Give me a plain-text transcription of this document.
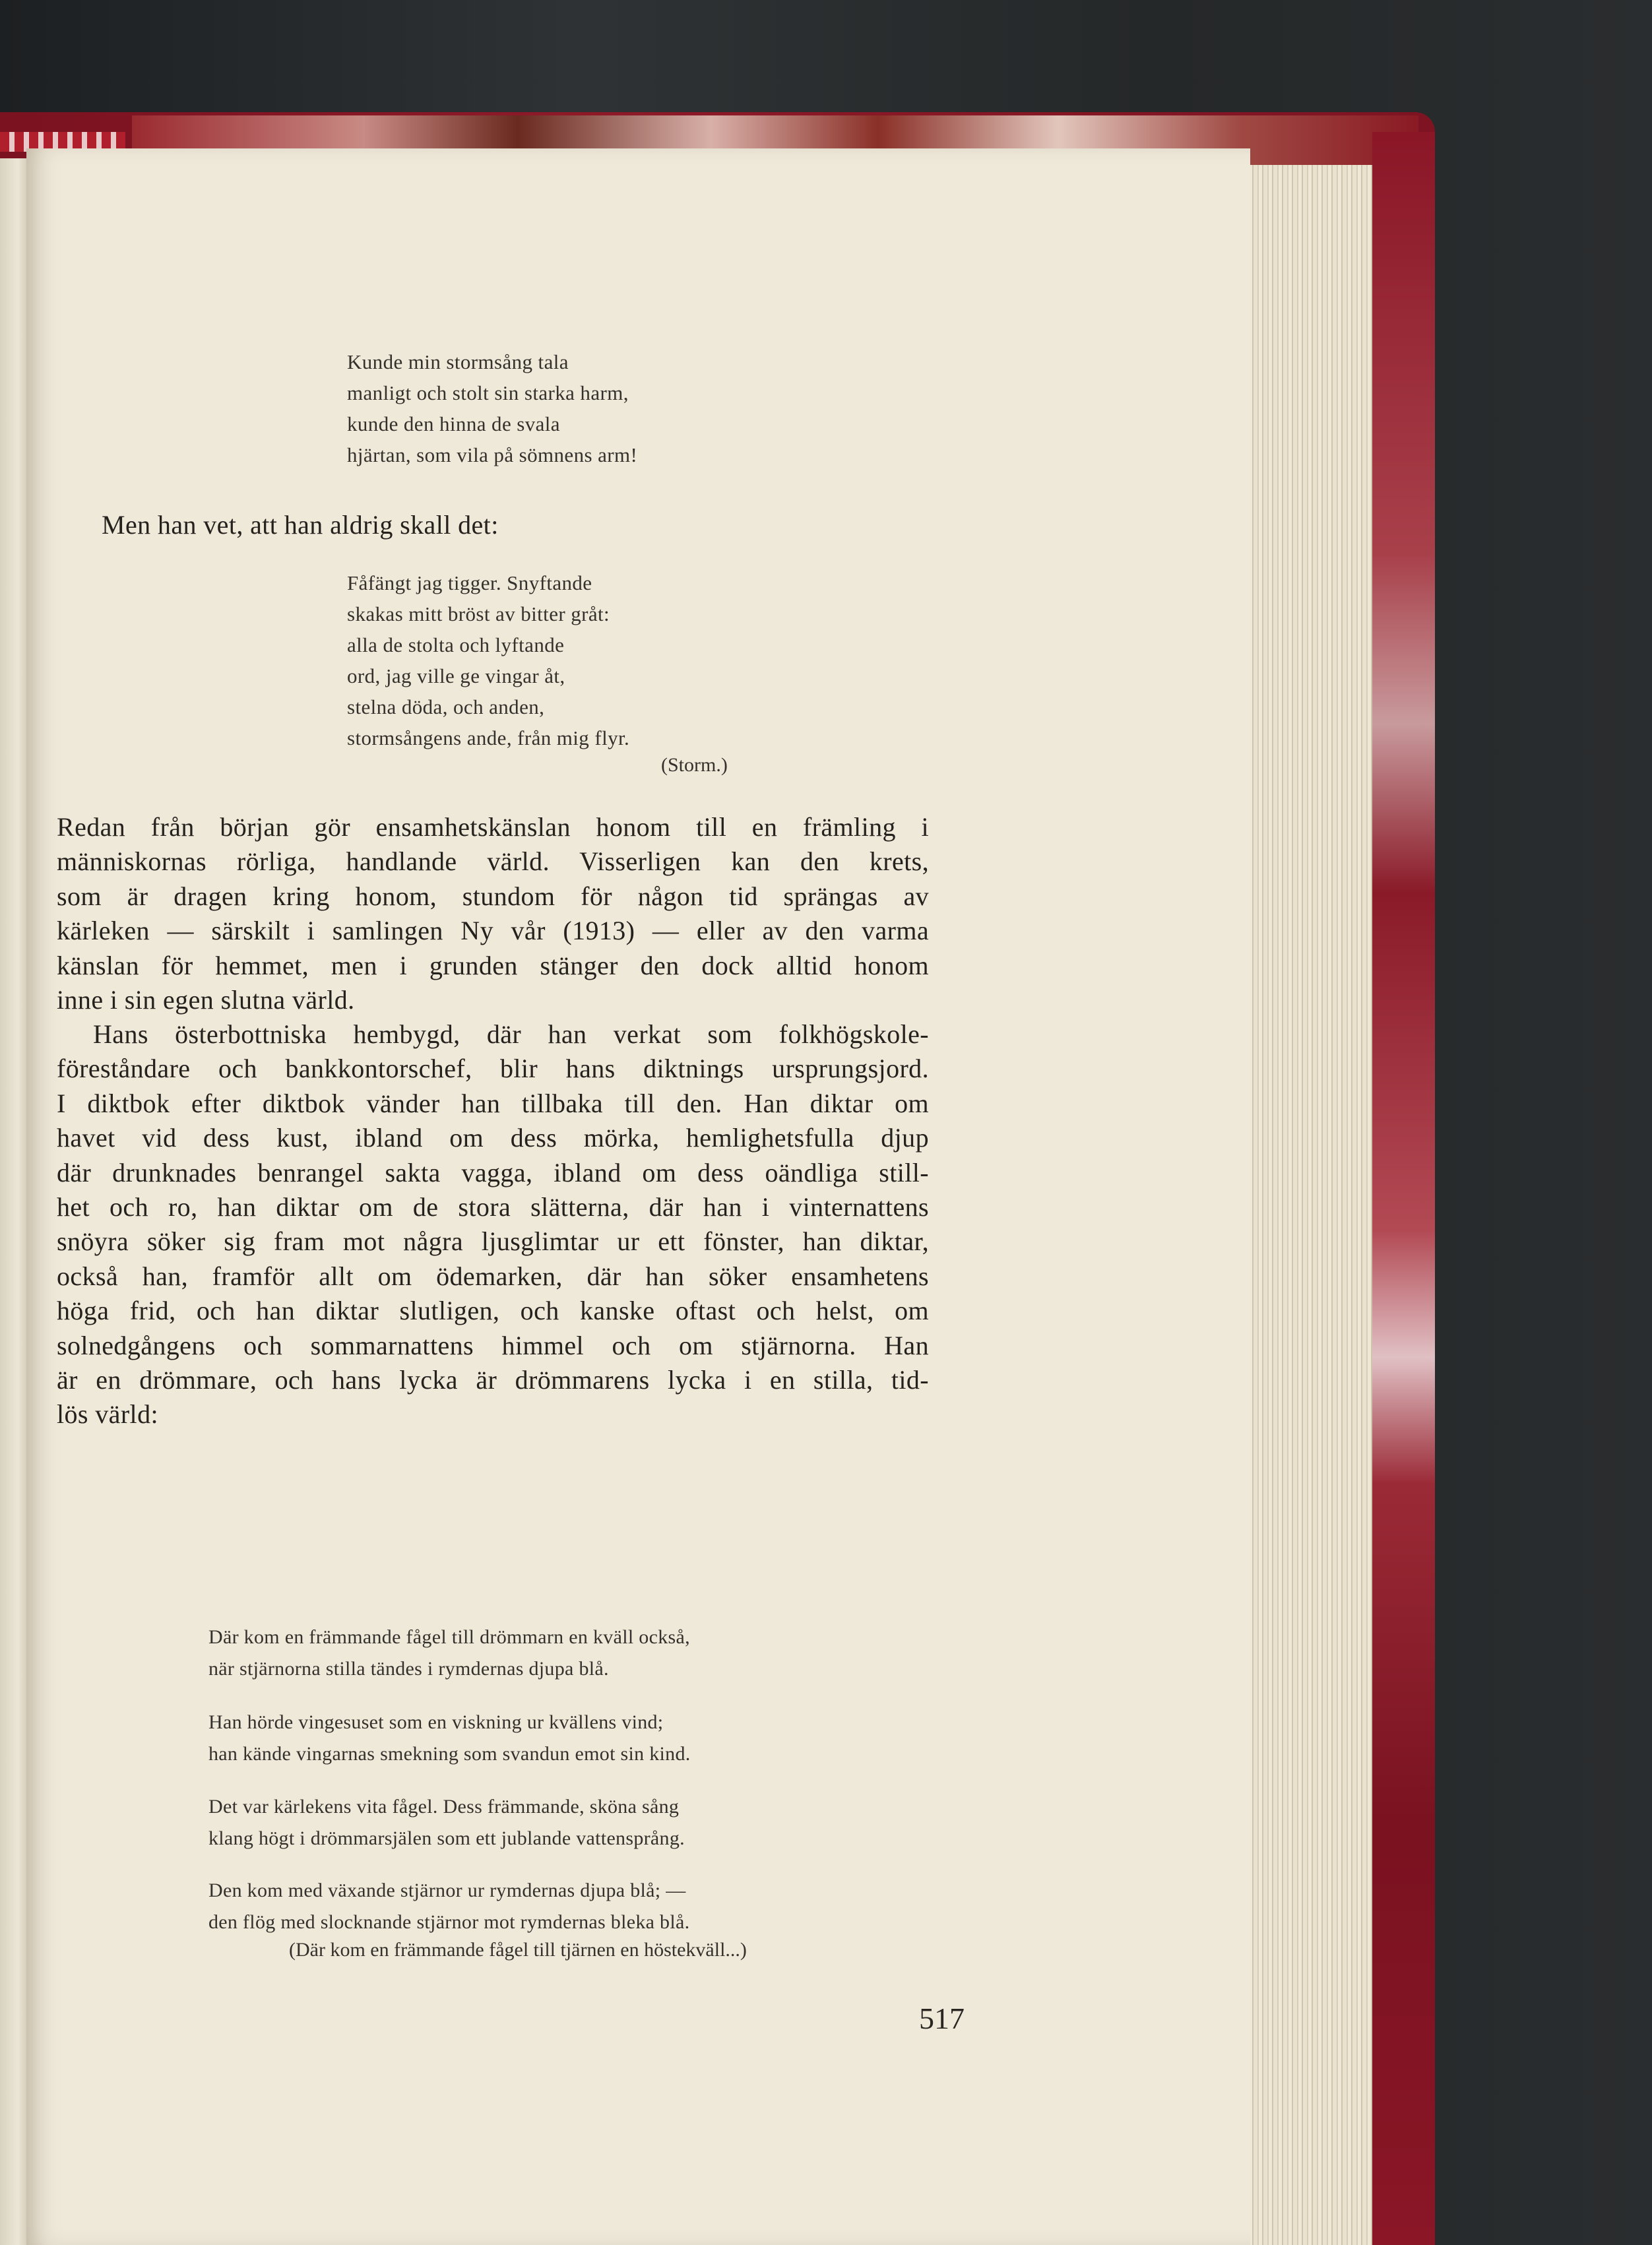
Kunde min stormsång tala
manligt och stolt sin starka harm,
kunde den hinna de svala
hjärtan, som vila på sömnens arm!
Men han vet, att han aldrig skall det:
Fåfängt jag tigger. Snyftande
skakas mitt bröst av bitter gråt:
alla de stolta och lyftande
ord, jag ville ge vingar åt,
stelna döda, och anden,
stormsångens ande, från mig flyr.
(Storm.)
Redan från början gör ensamhetskänslan honom till en främling i
människornas rörliga, handlande värld. Visserligen kan den krets,
som är dragen kring honom, stundom för någon tid sprängas av
kärleken — särskilt i samlingen Ny vår (1913) — eller av den varma
känslan för hemmet, men i grunden stänger den dock alltid honom
inne i sin egen slutna värld.
Hans österbottniska hembygd, där han verkat som folkhögskole-
föreståndare och bankkontorschef, blir hans diktnings ursprungsjord.
I diktbok efter diktbok vänder han tillbaka till den. Han diktar om
havet vid dess kust, ibland om dess mörka, hemlighetsfulla djup
där drunknades benrangel sakta vagga, ibland om dess oändliga still-
het och ro, han diktar om de stora slätterna, där han i vinternattens
snöyra söker sig fram mot några ljusglimtar ur ett fönster, han diktar,
också han, framför allt om ödemarken, där han söker ensamhetens
höga frid, och han diktar slutligen, och kanske oftast och helst, om
solnedgångens och sommarnattens himmel och om stjärnorna. Han
är en drömmare, och hans lycka är drömmarens lycka i en stilla, tid-
lös värld:
Där kom en främmande fågel till drömmarn en kväll också,
när stjärnorna stilla tändes i rymdernas djupa blå.
Han hörde vingesuset som en viskning ur kvällens vind;
han kände vingarnas smekning som svandun emot sin kind.
Det var kärlekens vita fågel. Dess främmande, sköna sång
klang högt i drömmarsjälen som ett jublande vattensprång.
Den kom med växande stjärnor ur rymdernas djupa blå; —
den flög med slocknande stjärnor mot rymdernas bleka blå.
(Där kom en främmande fågel till tjärnen en höstekväll...)
517
